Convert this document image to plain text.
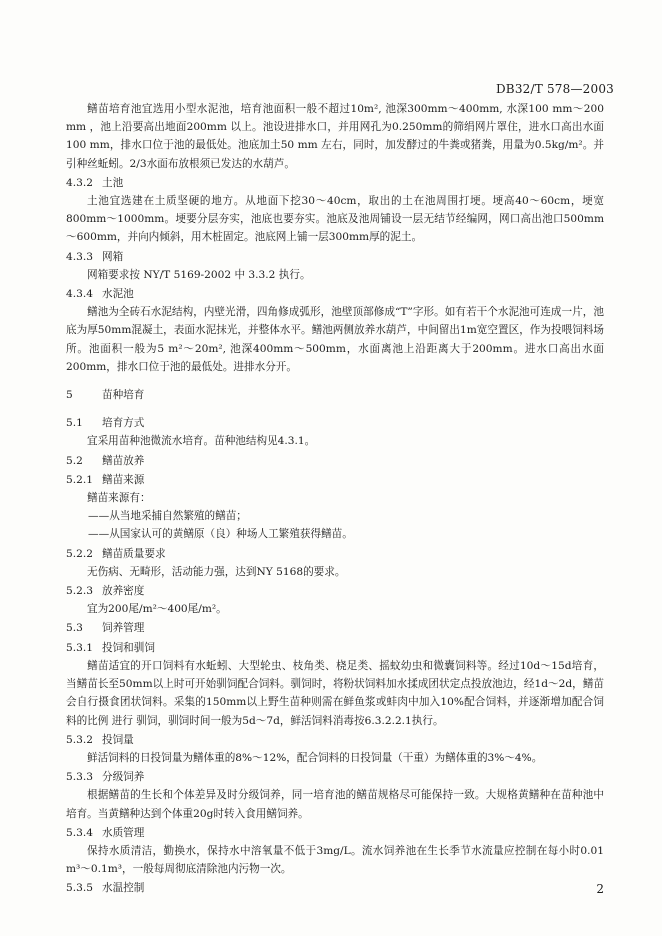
DB32/T 578—2003

鳝苗培育池宜选用小型水泥池，培育池面积一般不超过10m², 池深300mm～400mm, 水深100 mm～200 mm ，池上沿要高出地面200mm 以上。池设进排水口，并用网孔为0.250mm的筛绢网片罩住，进水口高出水面100 mm，排水口位于池的最低处。池底加土50 mm 左右，同时，加发酵过的牛粪或猪粪，用量为0.5kg/m²。并引种丝蚯蚓。2/3水面布放根须已发达的水葫芦。

4.3.2 土池

土池宜选建在土质坚硬的地方。从地面下挖30～40cm，取出的土在池周围打埂。埂高40～60cm，埂宽800mm～1000mm。埂要分层夯实，池底也要夯实。池底及池周铺设一层无结节经编网，网口高出池口500mm～600mm，并向内倾斜，用木桩固定。池底网上铺一层300mm厚的泥土。

4.3.3 网箱

网箱要求按 NY/T 5169-2002 中 3.3.2 执行。

4.3.4 水泥池

鳝池为全砖石水泥结构，内壁光滑，四角修成弧形，池壁顶部修成“T”字形。如有若干个水泥池可连成一片，池底为厚50mm混凝土，表面水泥抹光，并整体水平。鳝池两侧放养水葫芦，中间留出1m宽空置区，作为投喂饲料场所。池面积一般为5 m²～20m², 池深400mm～500mm，水面离池上沿距离大于200mm。进水口高出水面200mm，排水口位于池的最低处。进排水分开。

5	苗种培育
5.1 培育方式

宜采用苗种池微流水培育。苗种池结构见4.3.1。

5.2 鳝苗放养
5.2.1 鳝苗来源

鳝苗来源有：

——从当地采捕自然繁殖的鳝苗；

——从国家认可的黄鳝原（良）种场人工繁殖获得鳝苗。

5.2.2 鳝苗质量要求

无伤病、无畸形，活动能力强，达到NY 5168的要求。

5.2.3 放养密度

宜为200尾/m²～400尾/m²。

5.3 饲养管理
5.3.1 投饲和驯饲

鳝苗适宜的开口饲料有水蚯蚓、大型轮虫、枝角类、桡足类、摇蚊幼虫和微囊饲料等。经过10d～15d培育，当鳝苗长至50mm以上时可开始驯饲配合饲料。驯饲时，将粉状饲料加水揉成团状定点投放池边，经1d～2d，鳝苗会自行摄食团状饲料。采集的150mm以上野生苗种则需在鲜鱼浆或蚌肉中加入10%配合饲料，并逐渐增加配合饲料的比例 进行 驯饲，驯饲时间一般为5d～7d，鲜活饲料消毒按6.3.2.2.1执行。

5.3.2 投饲量

鲜活饲料的日投饲量为鳝体重的8%～12%，配合饲料的日投饲量（干重）为鳝体重的3%～4%。

5.3.3 分级饲养

根据鳝苗的生长和个体差异及时分级饲养，同一培育池的鳝苗规格尽可能保持一致。大规格黄鳝种在苗种池中培育。当黄鳝种达到个体重20g时转入食用鳝饲养。

5.3.4 水质管理

保持水质清洁，勤换水，保持水中溶氧量不低于3mg/L。流水饲养池在生长季节水流量应控制在每小时0.01 m³～0.1m³，一般每周彻底清除池内污物一次。

5.3.5 水温控制	2
